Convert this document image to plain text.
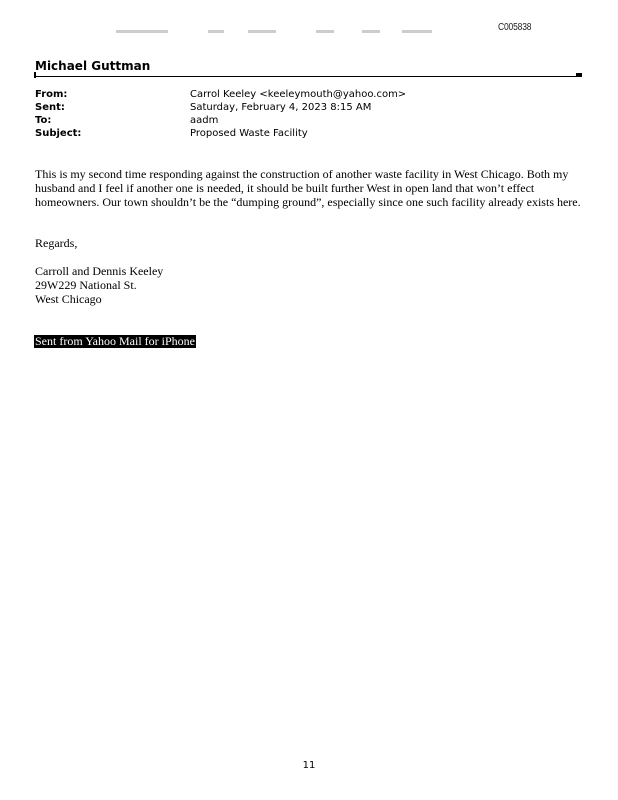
C005838
Michael Guttman
From:	Carrol Keeley <keeleymouth@yahoo.com>
Sent:	Saturday, February 4, 2023 8:15 AM
To:	aadm
Subject:	Proposed Waste Facility

This is my second time responding against the construction of another waste facility in West Chicago. Both my husband and I feel if another one is needed, it should be built further West in open land that won’t effect homeowners. Our town shouldn’t be the “dumping ground”, especially since one such facility already exists here.

Regards,
Carroll and Dennis Keeley
29W229 National St.
West Chicago
Sent from Yahoo Mail for iPhone
11
